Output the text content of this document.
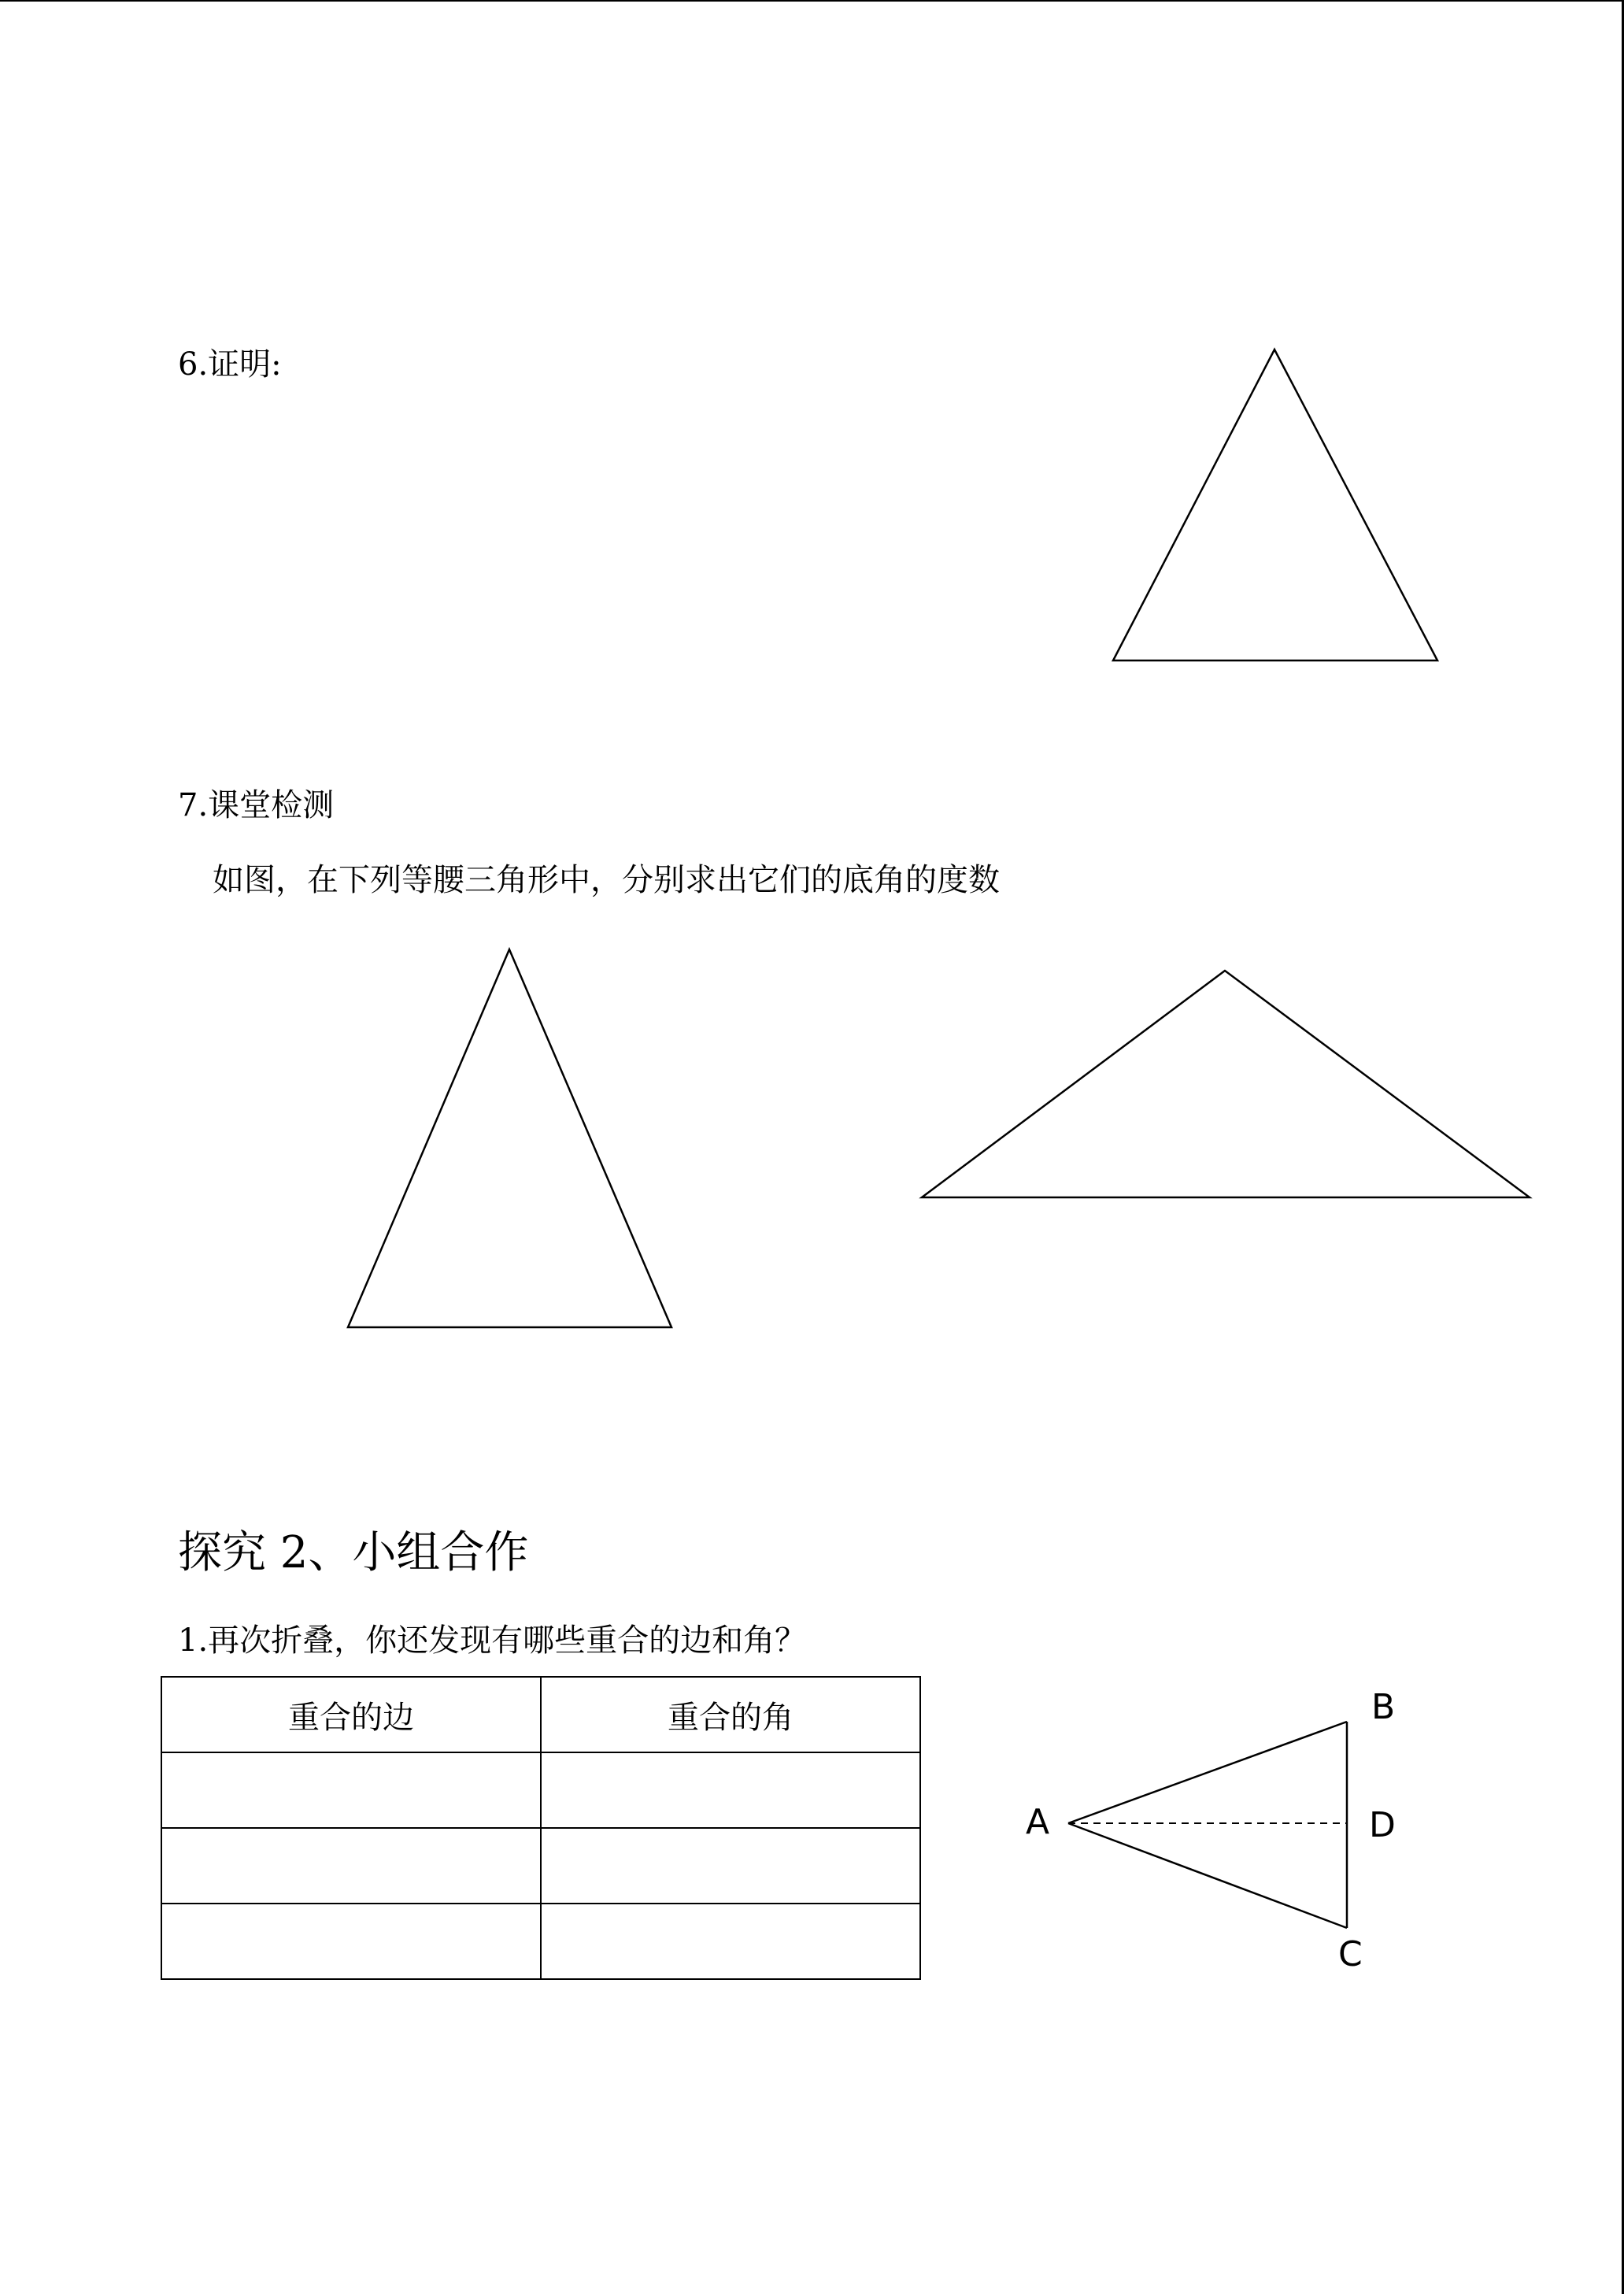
6.证明:
7.课堂检测
如图，在下列等腰三角形中，分别求出它们的底角的度数
探究 2、小组合作
1.再次折叠，你还发现有哪些重合的边和角？
B
A	D
C
重合的边	重合的角
